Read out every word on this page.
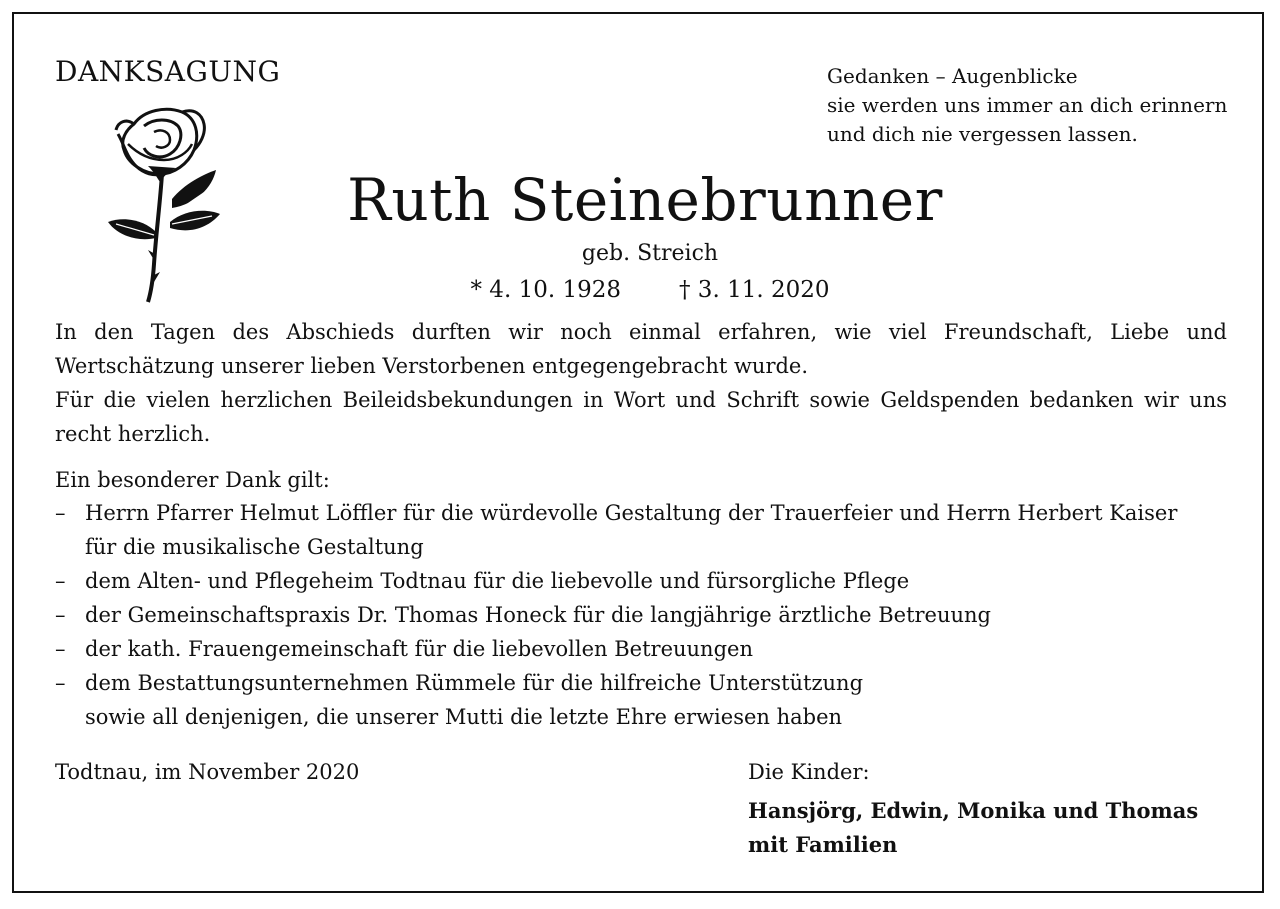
DANKSAGUNG	Gedanken – Augenblicke
sie werden uns immer an dich erinnern
und dich nie vergessen lassen.
Ruth Steinebrunner
geb. Streich
* 4. 10. 1928	† 3. 11. 2020
In den Tagen des Abschieds durften wir noch einmal erfahren, wie viel Freundschaft, Liebe und Wertschätzung unserer lieben Verstorbenen entgegengebracht wurde.
Für die vielen herzlichen Beileidsbekundungen in Wort und Schrift sowie Geldspenden bedanken wir uns recht herzlich.
Ein besonderer Dank gilt:
– Herrn Pfarrer Helmut Löffler für die würdevolle Gestaltung der Trauerfeier und Herrn Herbert Kaiser
für die musikalische Gestaltung
– dem Alten- und Pflegeheim Todtnau für die liebevolle und fürsorgliche Pflege
– der Gemeinschaftspraxis Dr. Thomas Honeck für die langjährige ärztliche Betreuung
– der kath. Frauengemeinschaft für die liebevollen Betreuungen
– dem Bestattungsunternehmen Rümmele für die hilfreiche Unterstützung
sowie all denjenigen, die unserer Mutti die letzte Ehre erwiesen haben
Todtnau, im November 2020	Die Kinder:
Hansjörg, Edwin, Monika und Thomas
mit Familien
